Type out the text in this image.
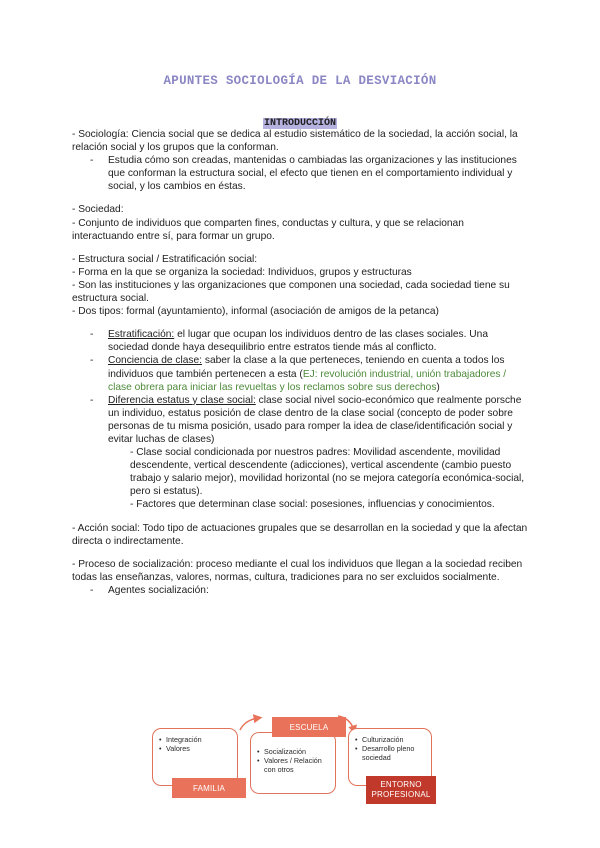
APUNTES SOCIOLOGÍA DE LA DESVIACIÓN
INTRODUCCIÓN

- Sociología: Ciencia social que se dedica al estudio sistemático de la sociedad, la acción social, la relación social y los grupos que la conforman.

- Estudia cómo son creadas, mantenidas o cambiadas las organizaciones y las instituciones que conforman la estructura social, el efecto que tienen en el comportamiento individual y social, y los cambios en éstas.

- Sociedad:

- Conjunto de individuos que comparten fines, conductas y cultura, y que se relacionan interactuando entre sí, para formar un grupo.

- Estructura social / Estratificación social:

- Forma en la que se organiza la sociedad: Individuos, grupos y estructuras

- Son las instituciones y las organizaciones que componen una sociedad, cada sociedad tiene su estructura social.

- Dos tipos: formal (ayuntamiento), informal (asociación de amigos de la petanca)

- Estratificación: el lugar que ocupan los individuos dentro de las clases sociales. Una sociedad donde haya desequilibrio entre estratos tiende más al conflicto.

- Conciencia de clase: saber la clase a la que perteneces, teniendo en cuenta a todos los individuos que también pertenecen a esta (EJ: revolución industrial, unión trabajadores / clase obrera para iniciar las revueltas y los reclamos sobre sus derechos)

- Diferencia estatus y clase social: clase social nivel socio-económico que realmente porsche un individuo, estatus posición de clase dentro de la clase social (concepto de poder sobre personas de tu misma posición, usado para romper la idea de clase/identificación social y evitar luchas de clases)

- Clase social condicionada por nuestros padres: Movilidad ascendente, movilidad descendente, vertical descendente (adicciones), vertical ascendente (cambio puesto trabajo y salario mejor), movilidad horizontal (no se mejora categoría económica-social, pero si estatus).

- Factores que determinan clase social: posesiones, influencias y conocimientos.

- Acción social: Todo tipo de actuaciones grupales que se desarrollan en la sociedad y que la afectan directa o indirectamente.

- Proceso de socialización: proceso mediante el cual los individuos que llegan a la sociedad reciben todas las enseñanzas, valores, normas, cultura, tradiciones para no ser excluidos socialmente.

- Agentes socialización:

• Integración
• Valores
FAMILIA
• Socialización
• Valores / Relación con otros
ESCUELA
• Culturización
• Desarrollo pleno sociedad
ENTORNO PROFESIONAL
